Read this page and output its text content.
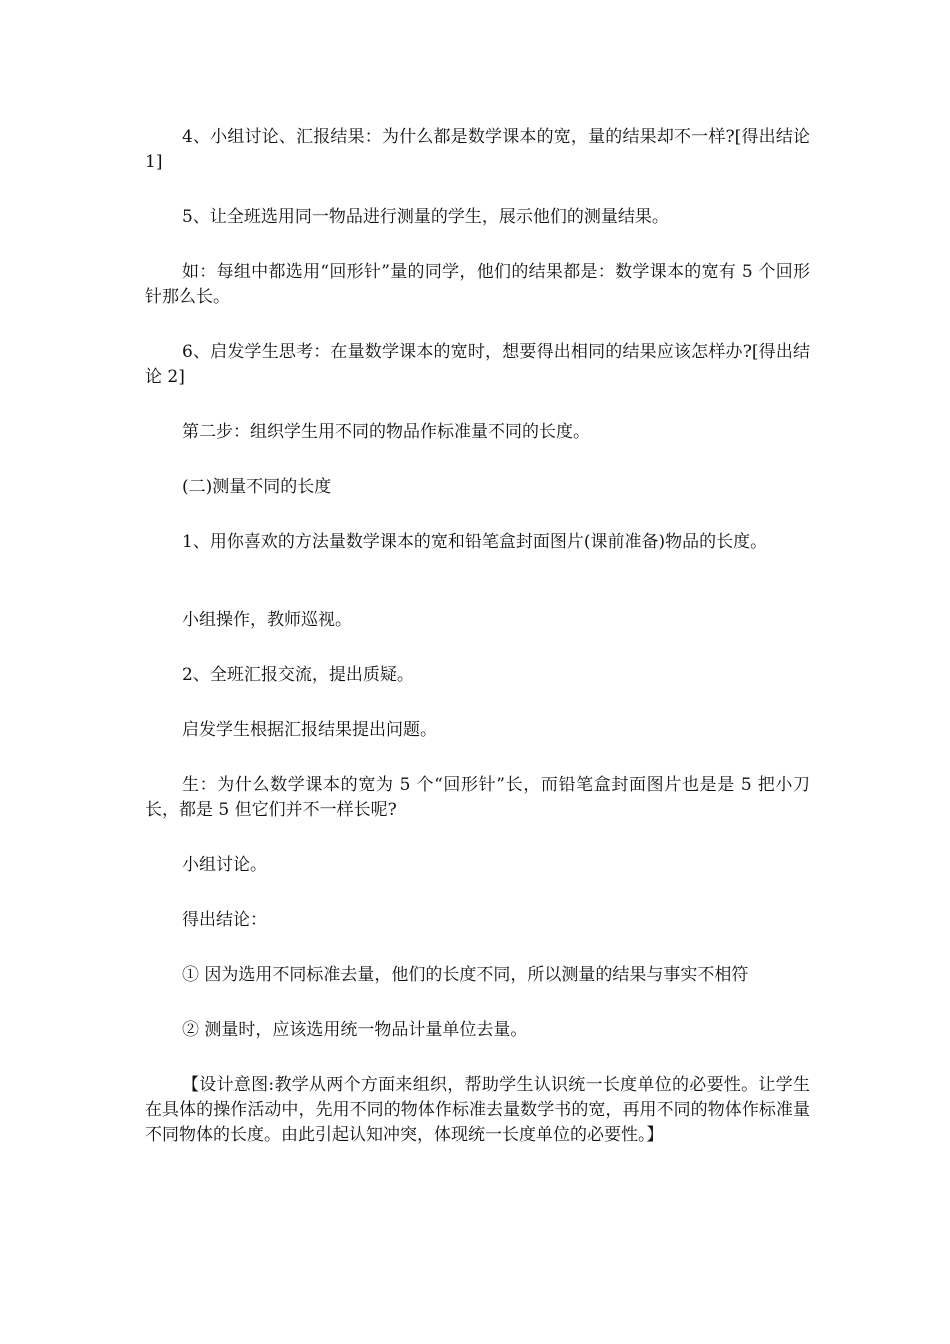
4、小组讨论、汇报结果：为什么都是数学课本的宽，量的结果却不一样?[得出结论 1]

5、让全班选用同一物品进行测量的学生，展示他们的测量结果。

如：每组中都选用“回形针”量的同学，他们的结果都是：数学课本的宽有 5 个回形针那么长。

6、启发学生思考：在量数学课本的宽时，想要得出相同的结果应该怎样办?[得出结论 2]

第二步：组织学生用不同的物品作标准量不同的长度。

(二)测量不同的长度

1、用你喜欢的方法量数学课本的宽和铅笔盒封面图片(课前准备)物品的长度。

小组操作，教师巡视。

2、全班汇报交流，提出质疑。

启发学生根据汇报结果提出问题。

生：为什么数学课本的宽为 5 个“回形针”长，而铅笔盒封面图片也是是 5 把小刀长，都是 5 但它们并不一样长呢?

小组讨论。

得出结论：

① 因为选用不同标准去量，他们的长度不同，所以测量的结果与事实不相符

② 测量时，应该选用统一物品计量单位去量。

【设计意图:教学从两个方面来组织，帮助学生认识统一长度单位的必要性。让学生在具体的操作活动中，先用不同的物体作标准去量数学书的宽，再用不同的物体作标准量不同物体的长度。由此引起认知冲突，体现统一长度单位的必要性。】
